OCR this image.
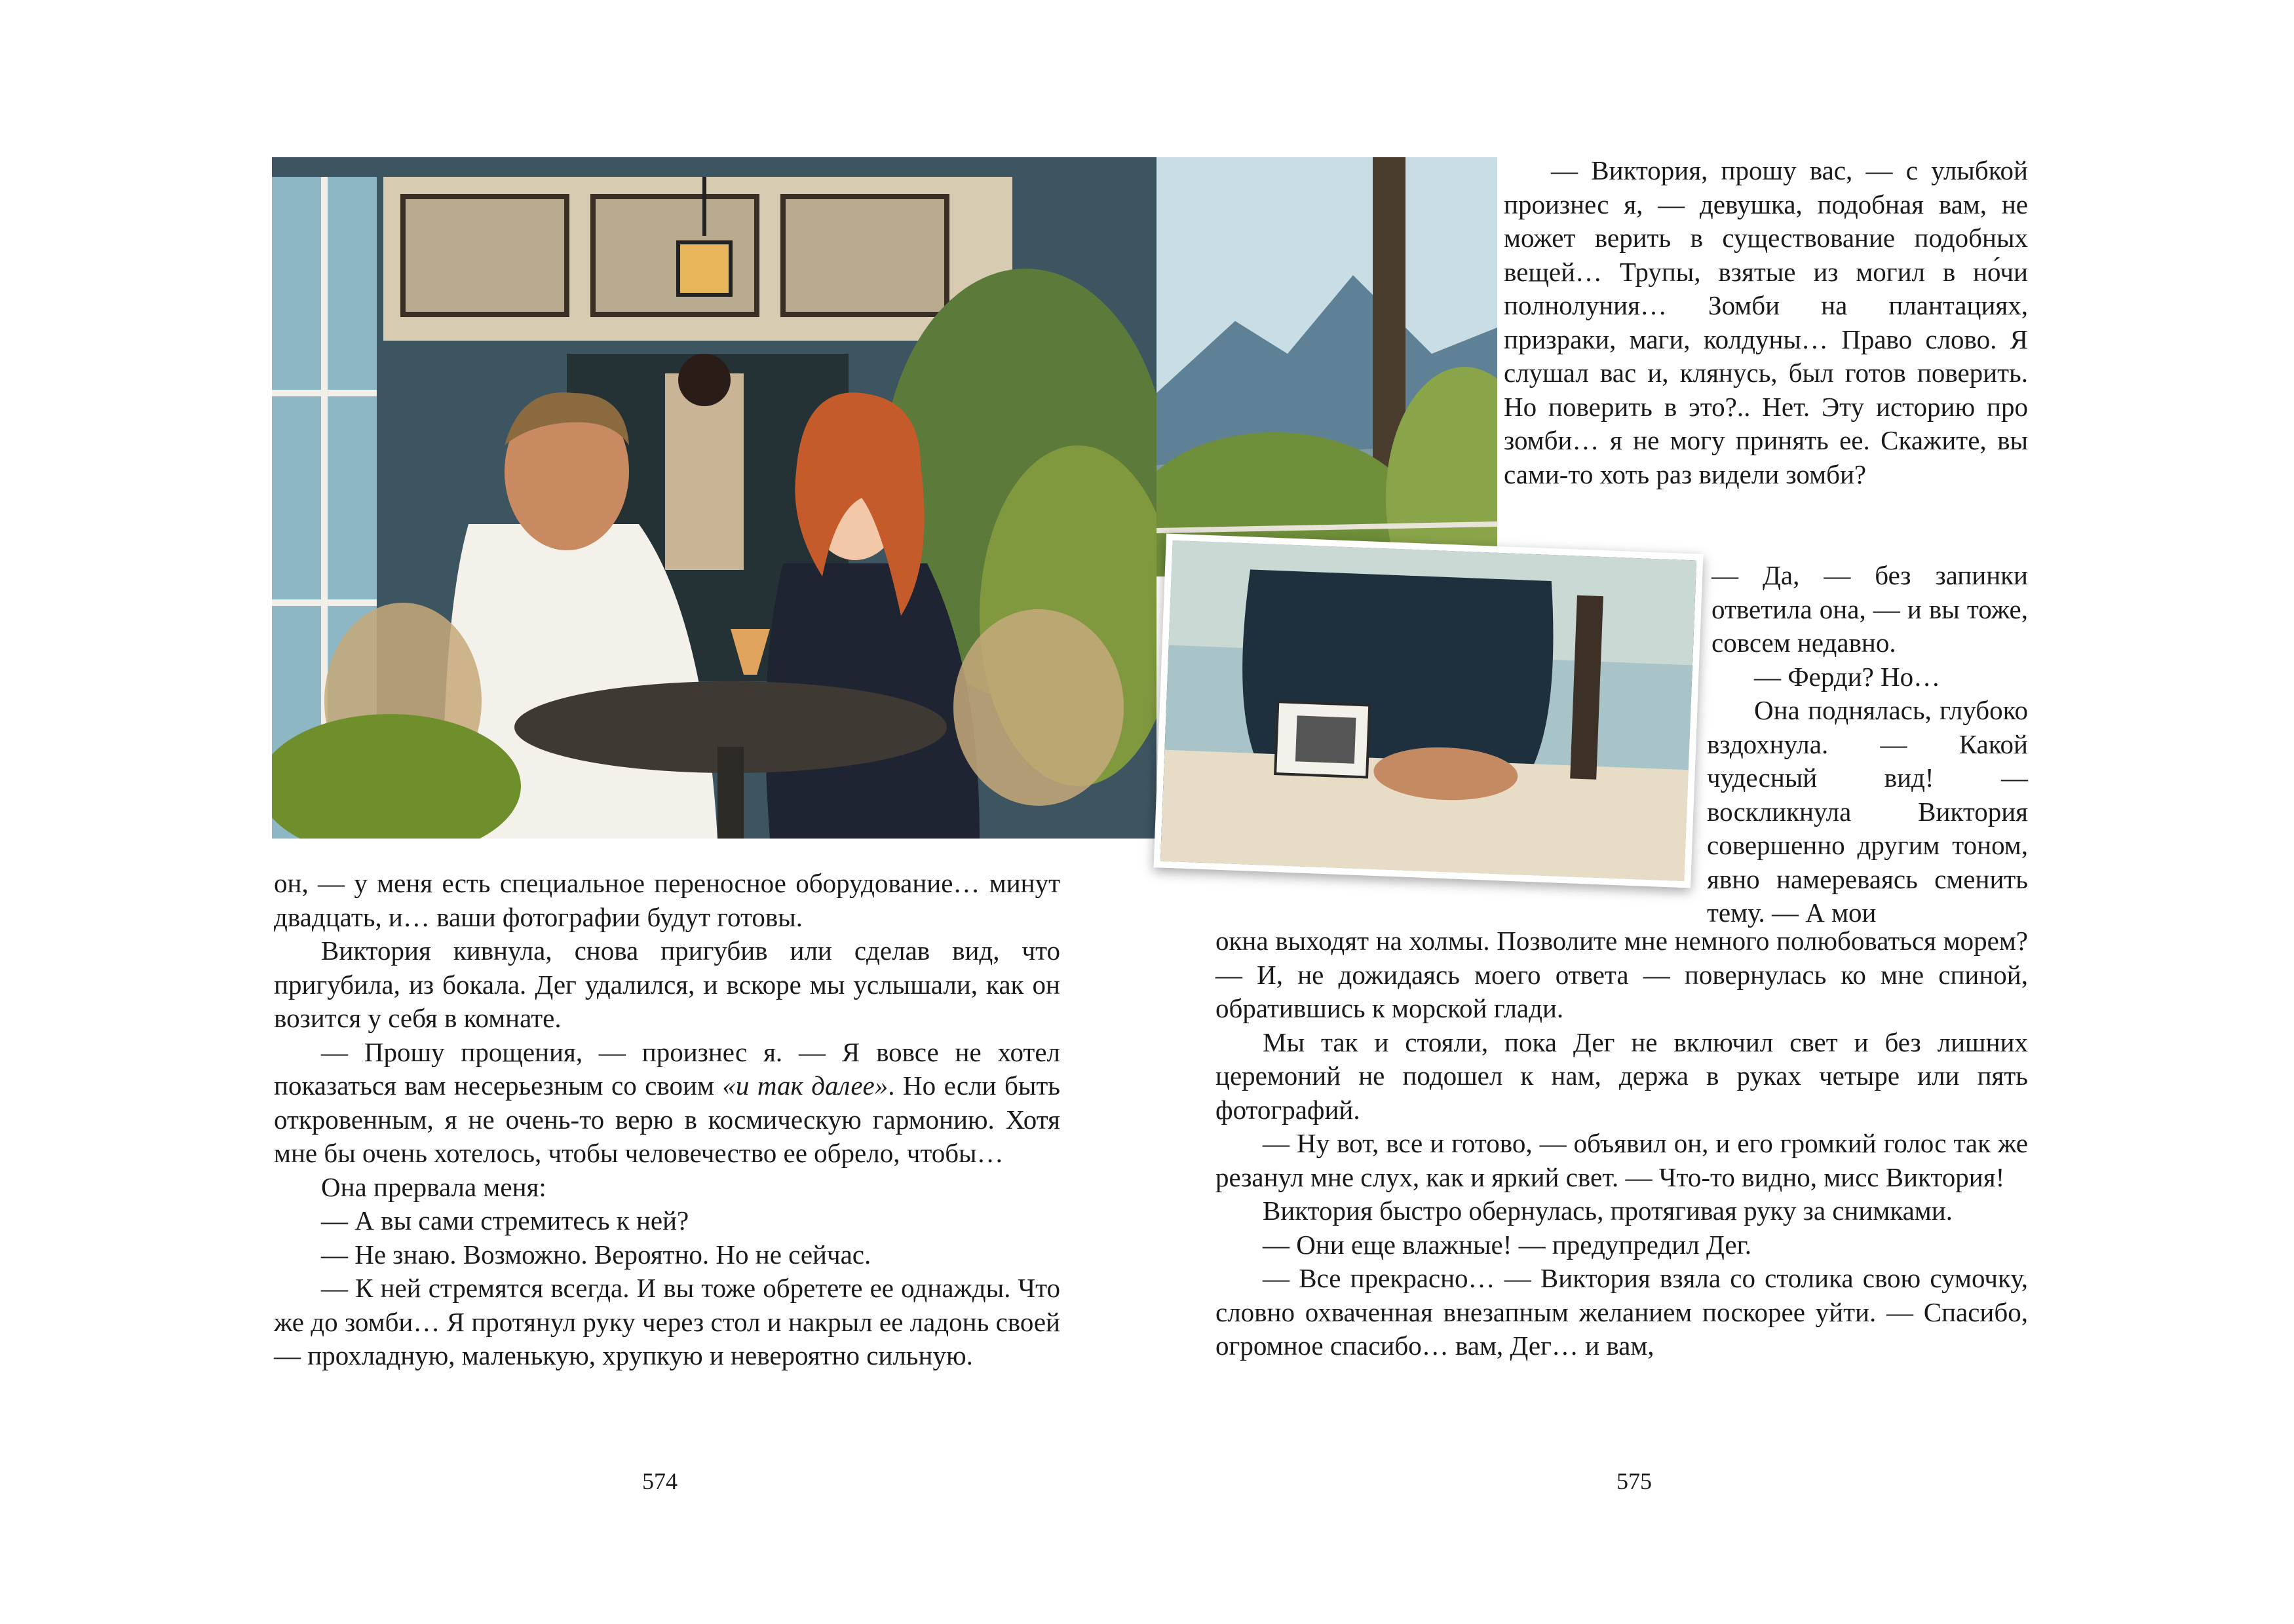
он, — у меня есть специальное переносное оборудование… минут двадцать, и… ваши фотографии будут готовы.

Виктория кивнула, снова пригубив или сделав вид, что пригубила, из бокала. Дег удалился, и вскоре мы услышали, как он возится у себя в комнате.

— Прошу прощения, — произнес я. — Я вовсе не хотел показаться вам несерьезным со своим «и так далее». Но если быть откровенным, я не очень-то верю в космическую гармонию. Хотя мне бы очень хотелось, чтобы человечество ее обрело, чтобы…

Она прервала меня:

— А вы сами стремитесь к ней?

— Не знаю. Возможно. Вероятно. Но не сейчас.

— К ней стремятся всегда. И вы тоже обретете ее однажды. Что же до зомби… Я протянул руку через стол и накрыл ее ладонь своей — прохладную, маленькую, хрупкую и невероятно сильную.

— Виктория, прошу вас, — с улыбкой произнес я, — девушка, подобная вам, не может верить в существование подобных вещей… Трупы, взятые из могил в но́чи полнолуния… Зомби на плантациях, призраки, маги, колдуны… Право слово. Я слушал вас и, клянусь, был готов поверить. Но поверить в это?.. Нет. Эту историю про зомби… я не могу принять ее. Скажите, вы сами-то хоть раз видели зомби?

— Да, — без запинки ответила она, — и вы тоже, совсем недавно.

— Ферди? Но…

Она поднялась, глубоко вздохнула. — Какой чудесный вид! — воскликнула Виктория совершенно другим тоном, явно намереваясь сменить тему. — А мои

окна выходят на холмы. Позволите мне немного полюбоваться морем? — И, не дожидаясь моего ответа — повернулась ко мне спиной, обратившись к морской глади.

Мы так и стояли, пока Дег не включил свет и без лишних церемоний не подошел к нам, держа в руках четыре или пять фотографий.

— Ну вот, все и готово, — объявил он, и его громкий голос так же резанул мне слух, как и яркий свет. — Что-то видно, мисс Виктория!

Виктория быстро обернулась, протягивая руку за снимками.

— Они еще влажные! — предупредил Дег.

— Все прекрасно… — Виктория взяла со столика свою сумочку, словно охваченная внезапным желанием поскорее уйти. — Спасибо, огромное спасибо… вам, Дег… и вам,

574	575
